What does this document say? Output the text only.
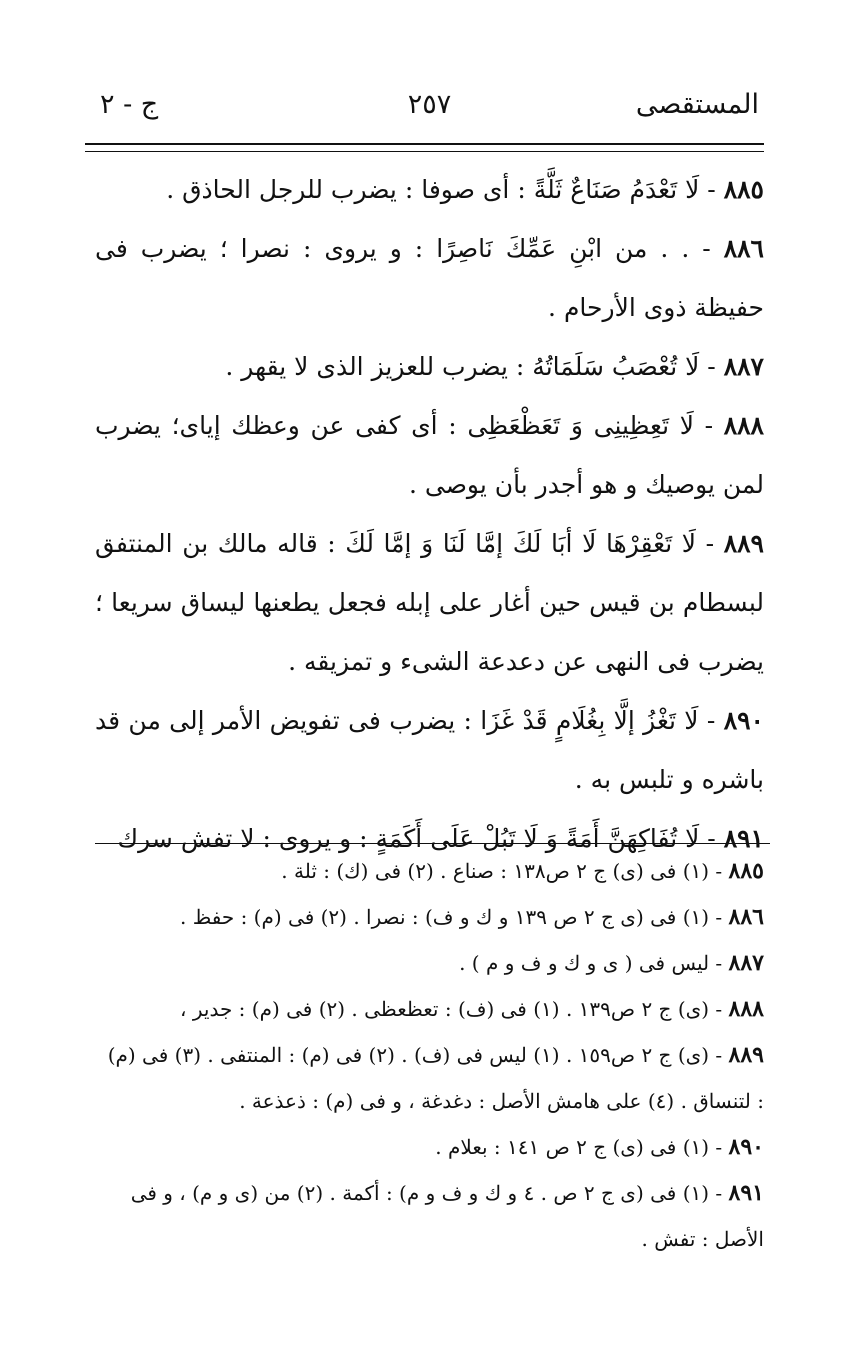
المستقصى
٢٥٧
ج - ٢

٨٨٥ - لَا تَعْدَمُ صَنَاعٌ ثَلَّةً : أى صوفا : يضرب للرجل الحاذق .

٨٨٦ - . . من ابْنِ عَمِّكَ نَاصِرًا : و يروى : نصرا ؛ يضرب فى حفيظة ذوى الأرحام .

٨٨٧ - لَا تُعْصَبُ سَلَمَاتُهُ : يضرب للعزيز الذى لا يقهر .

٨٨٨ - لَا تَعِظِينِى وَ تَعَظْعَظِى : أى كفى عن وعظك إياى؛ يضرب لمن يوصيك و هو أجدر بأن يوصى .

٨٨٩ - لَا تَعْقِرْهَا لَا أبَا لَكَ إمَّا لَنَا وَ إمَّا لَكَ : قاله مالك بن المنتفق لبسطام بن قيس حين أغار على إبله فجعل يطعنها ليساق سريعا ؛ يضرب فى النهى عن دعدعة الشىء و تمزيقه .

٨٩٠ - لَا تَغْزُ إلَّا بِغُلَامٍ قَدْ غَزَا : يضرب فى تفويض الأمر إلى من قد باشره و تلبس به .

٨٩١ - لَا تُفَاكِهَنَّ أَمَةً وَ لَا تَبُلْ عَلَى أَكَمَةٍ : و يروى : لا تفش سرك

٨٨٥ - (١) فى (ى) ج ٢ ص١٣٨ : صناع . (٢) فى (ك) : ثلة .

٨٨٦ - (١) فى (ى ج ٢ ص ١٣٩ و ك و ف) : نصرا . (٢) فى (م) : حفظ .

٨٨٧ - ليس فى ( ى و ك و ف و م ) .

٨٨٨ - (ى) ج ٢ ص١٣٩ . (١) فى (ف) : تعظعظى . (٢) فى (م) : جدير ،

٨٨٩ - (ى) ج ٢ ص١٥٩ . (١) ليس فى (ف) . (٢) فى (م) : المنتفى . (٣) فى (م) : لتنساق . (٤) على هامش الأصل : دغدغة ، و فى (م) : ذعذعة .

٨٩٠ - (١) فى (ى) ج ٢ ص ١٤١ : بعلام .

٨٩١ - (١) فى (ى ج ٢ ص . ٤ و ك و ف و م) : أكمة . (٢) من (ى و م) ، و فى الأصل : تفش .
